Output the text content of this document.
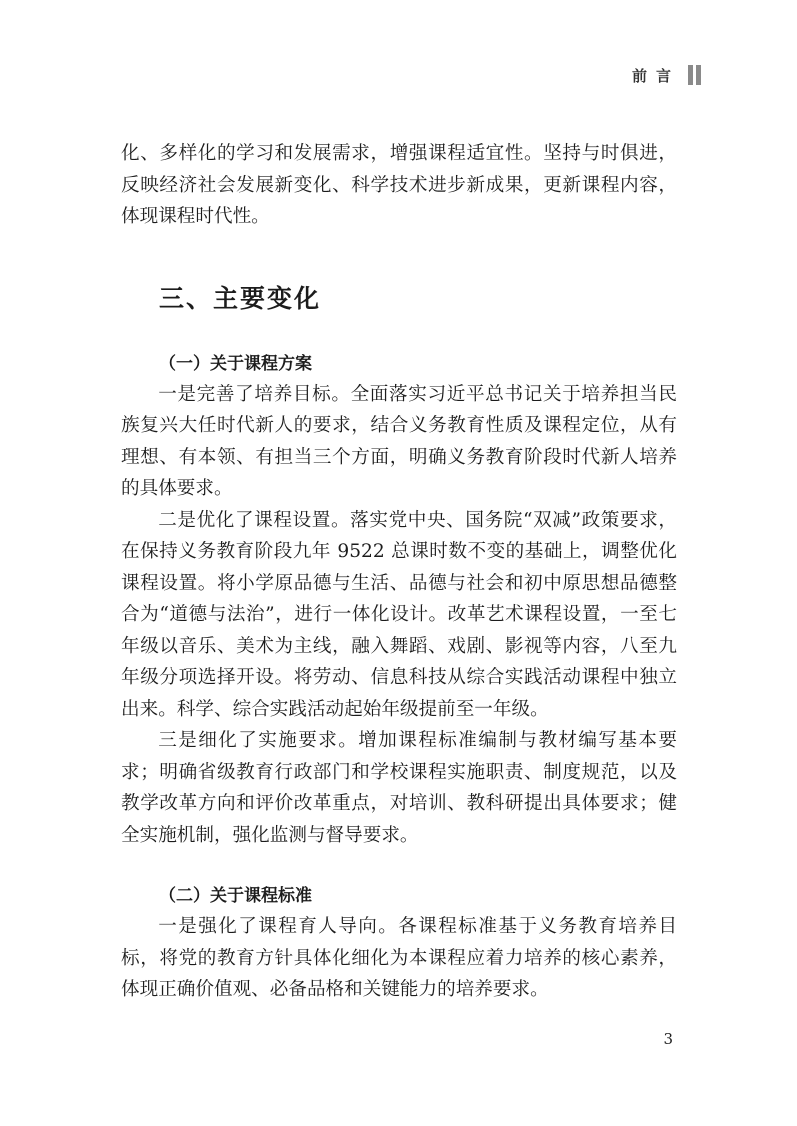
前言

化、多样化的学习和发展需求，增强课程适宜性。坚持与时俱进，反映经济社会发展新变化、科学技术进步新成果，更新课程内容，体现课程时代性。

三、主要变化
（一）关于课程方案

一是完善了培养目标。全面落实习近平总书记关于培养担当民族复兴大任时代新人的要求，结合义务教育性质及课程定位，从有理想、有本领、有担当三个方面，明确义务教育阶段时代新人培养的具体要求。

二是优化了课程设置。落实党中央、国务院“双减”政策要求，在保持义务教育阶段九年 9522 总课时数不变的基础上，调整优化课程设置。将小学原品德与生活、品德与社会和初中原思想品德整合为“道德与法治”，进行一体化设计。改革艺术课程设置，一至七年级以音乐、美术为主线，融入舞蹈、戏剧、影视等内容，八至九年级分项选择开设。将劳动、信息科技从综合实践活动课程中独立出来。科学、综合实践活动起始年级提前至一年级。

三是细化了实施要求。增加课程标准编制与教材编写基本要求；明确省级教育行政部门和学校课程实施职责、制度规范，以及教学改革方向和评价改革重点，对培训、教科研提出具体要求；健全实施机制，强化监测与督导要求。

（二）关于课程标准

一是强化了课程育人导向。各课程标准基于义务教育培养目标，将党的教育方针具体化细化为本课程应着力培养的核心素养，体现正确价值观、必备品格和关键能力的培养要求。

3
